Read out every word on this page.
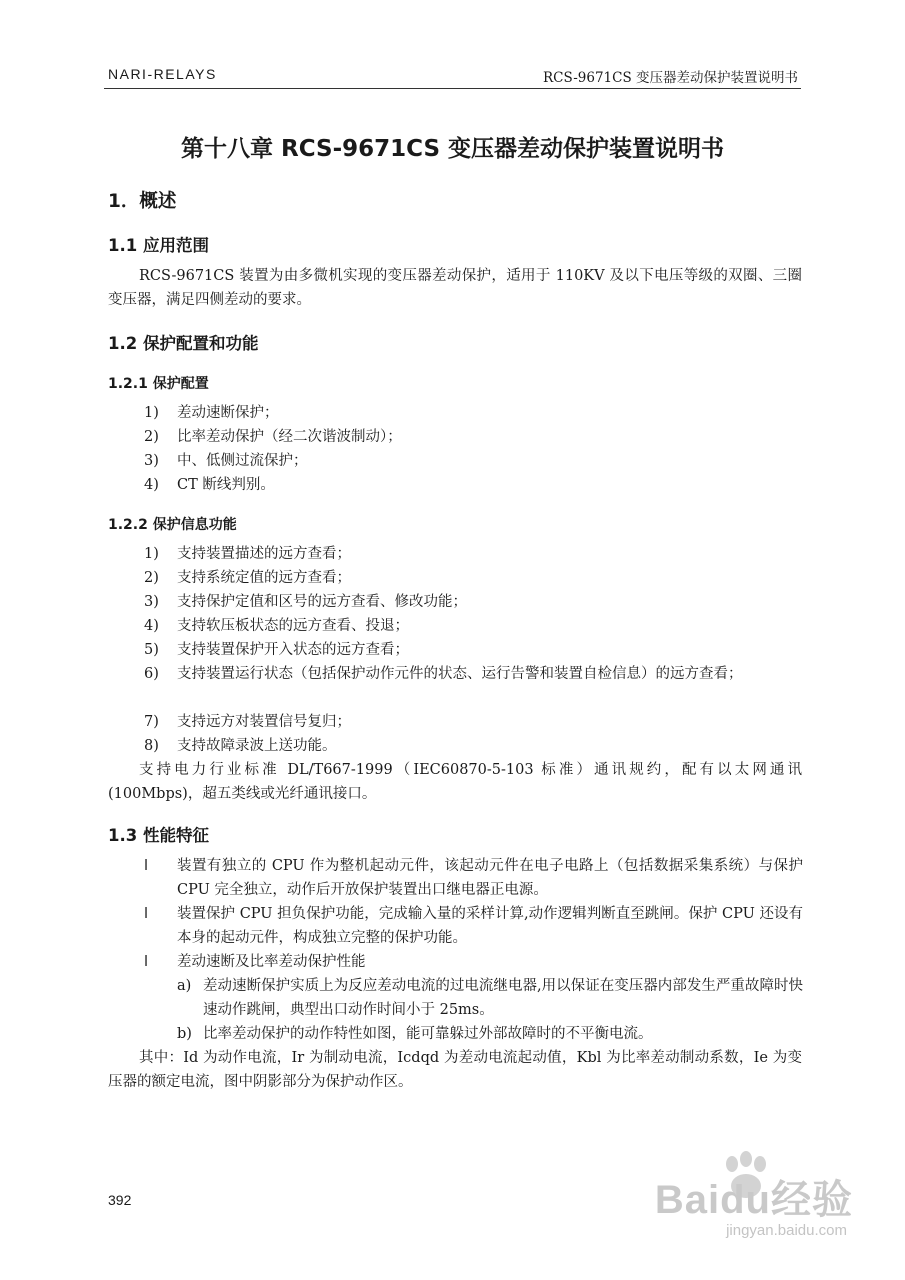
NARI-RELAYS	RCS-9671CS 变压器差动保护装置说明书
第十八章 RCS-9671CS 变压器差动保护装置说明书
1．概述
1.1 应用范围
RCS-9671CS 装置为由多微机实现的变压器差动保护，适用于 110KV 及以下电压等级的双圈、三圈变压器，满足四侧差动的要求。
1.2 保护配置和功能
1.2.1 保护配置
1)	差动速断保护；
2)	比率差动保护（经二次谐波制动）；
3)	中、低侧过流保护；
4)	CT 断线判别。
1.2.2 保护信息功能
1)	支持装置描述的远方查看；
2)	支持系统定值的远方查看；
3)	支持保护定值和区号的远方查看、修改功能；
4)	支持软压板状态的远方查看、投退；
5)	支持装置保护开入状态的远方查看；
6)	支持装置运行状态（包括保护动作元件的状态、运行告警和装置自检信息）的远方查看；
7)	支持远方对装置信号复归；
8)	支持故障录波上送功能。
支持电力行业标准 DL/T667-1999（IEC60870-5-103 标准）通讯规约，配有以太网通讯(100Mbps)，超五类线或光纤通讯接口。
1.3 性能特征
l	装置有独立的 CPU 作为整机起动元件，该起动元件在电子电路上（包括数据采集系统）与保护 CPU 完全独立，动作后开放保护装置出口继电器正电源。
l	装置保护 CPU 担负保护功能，完成输入量的采样计算,动作逻辑判断直至跳闸。保护 CPU 还设有本身的起动元件，构成独立完整的保护功能。
l	差动速断及比率差动保护性能
a) 差动速断保护实质上为反应差动电流的过电流继电器,用以保证在变压器内部发生严重故障时快速动作跳闸，典型出口动作时间小于 25ms。
b) 比率差动保护的动作特性如图，能可靠躲过外部故障时的不平衡电流。
其中：Id 为动作电流，Ir 为制动电流，Icdqd 为差动电流起动值，Kbl 为比率差动制动系数，Ie 为变压器的额定电流，图中阴影部分为保护动作区。
392	Baidu经验
jingyan.baidu.com
